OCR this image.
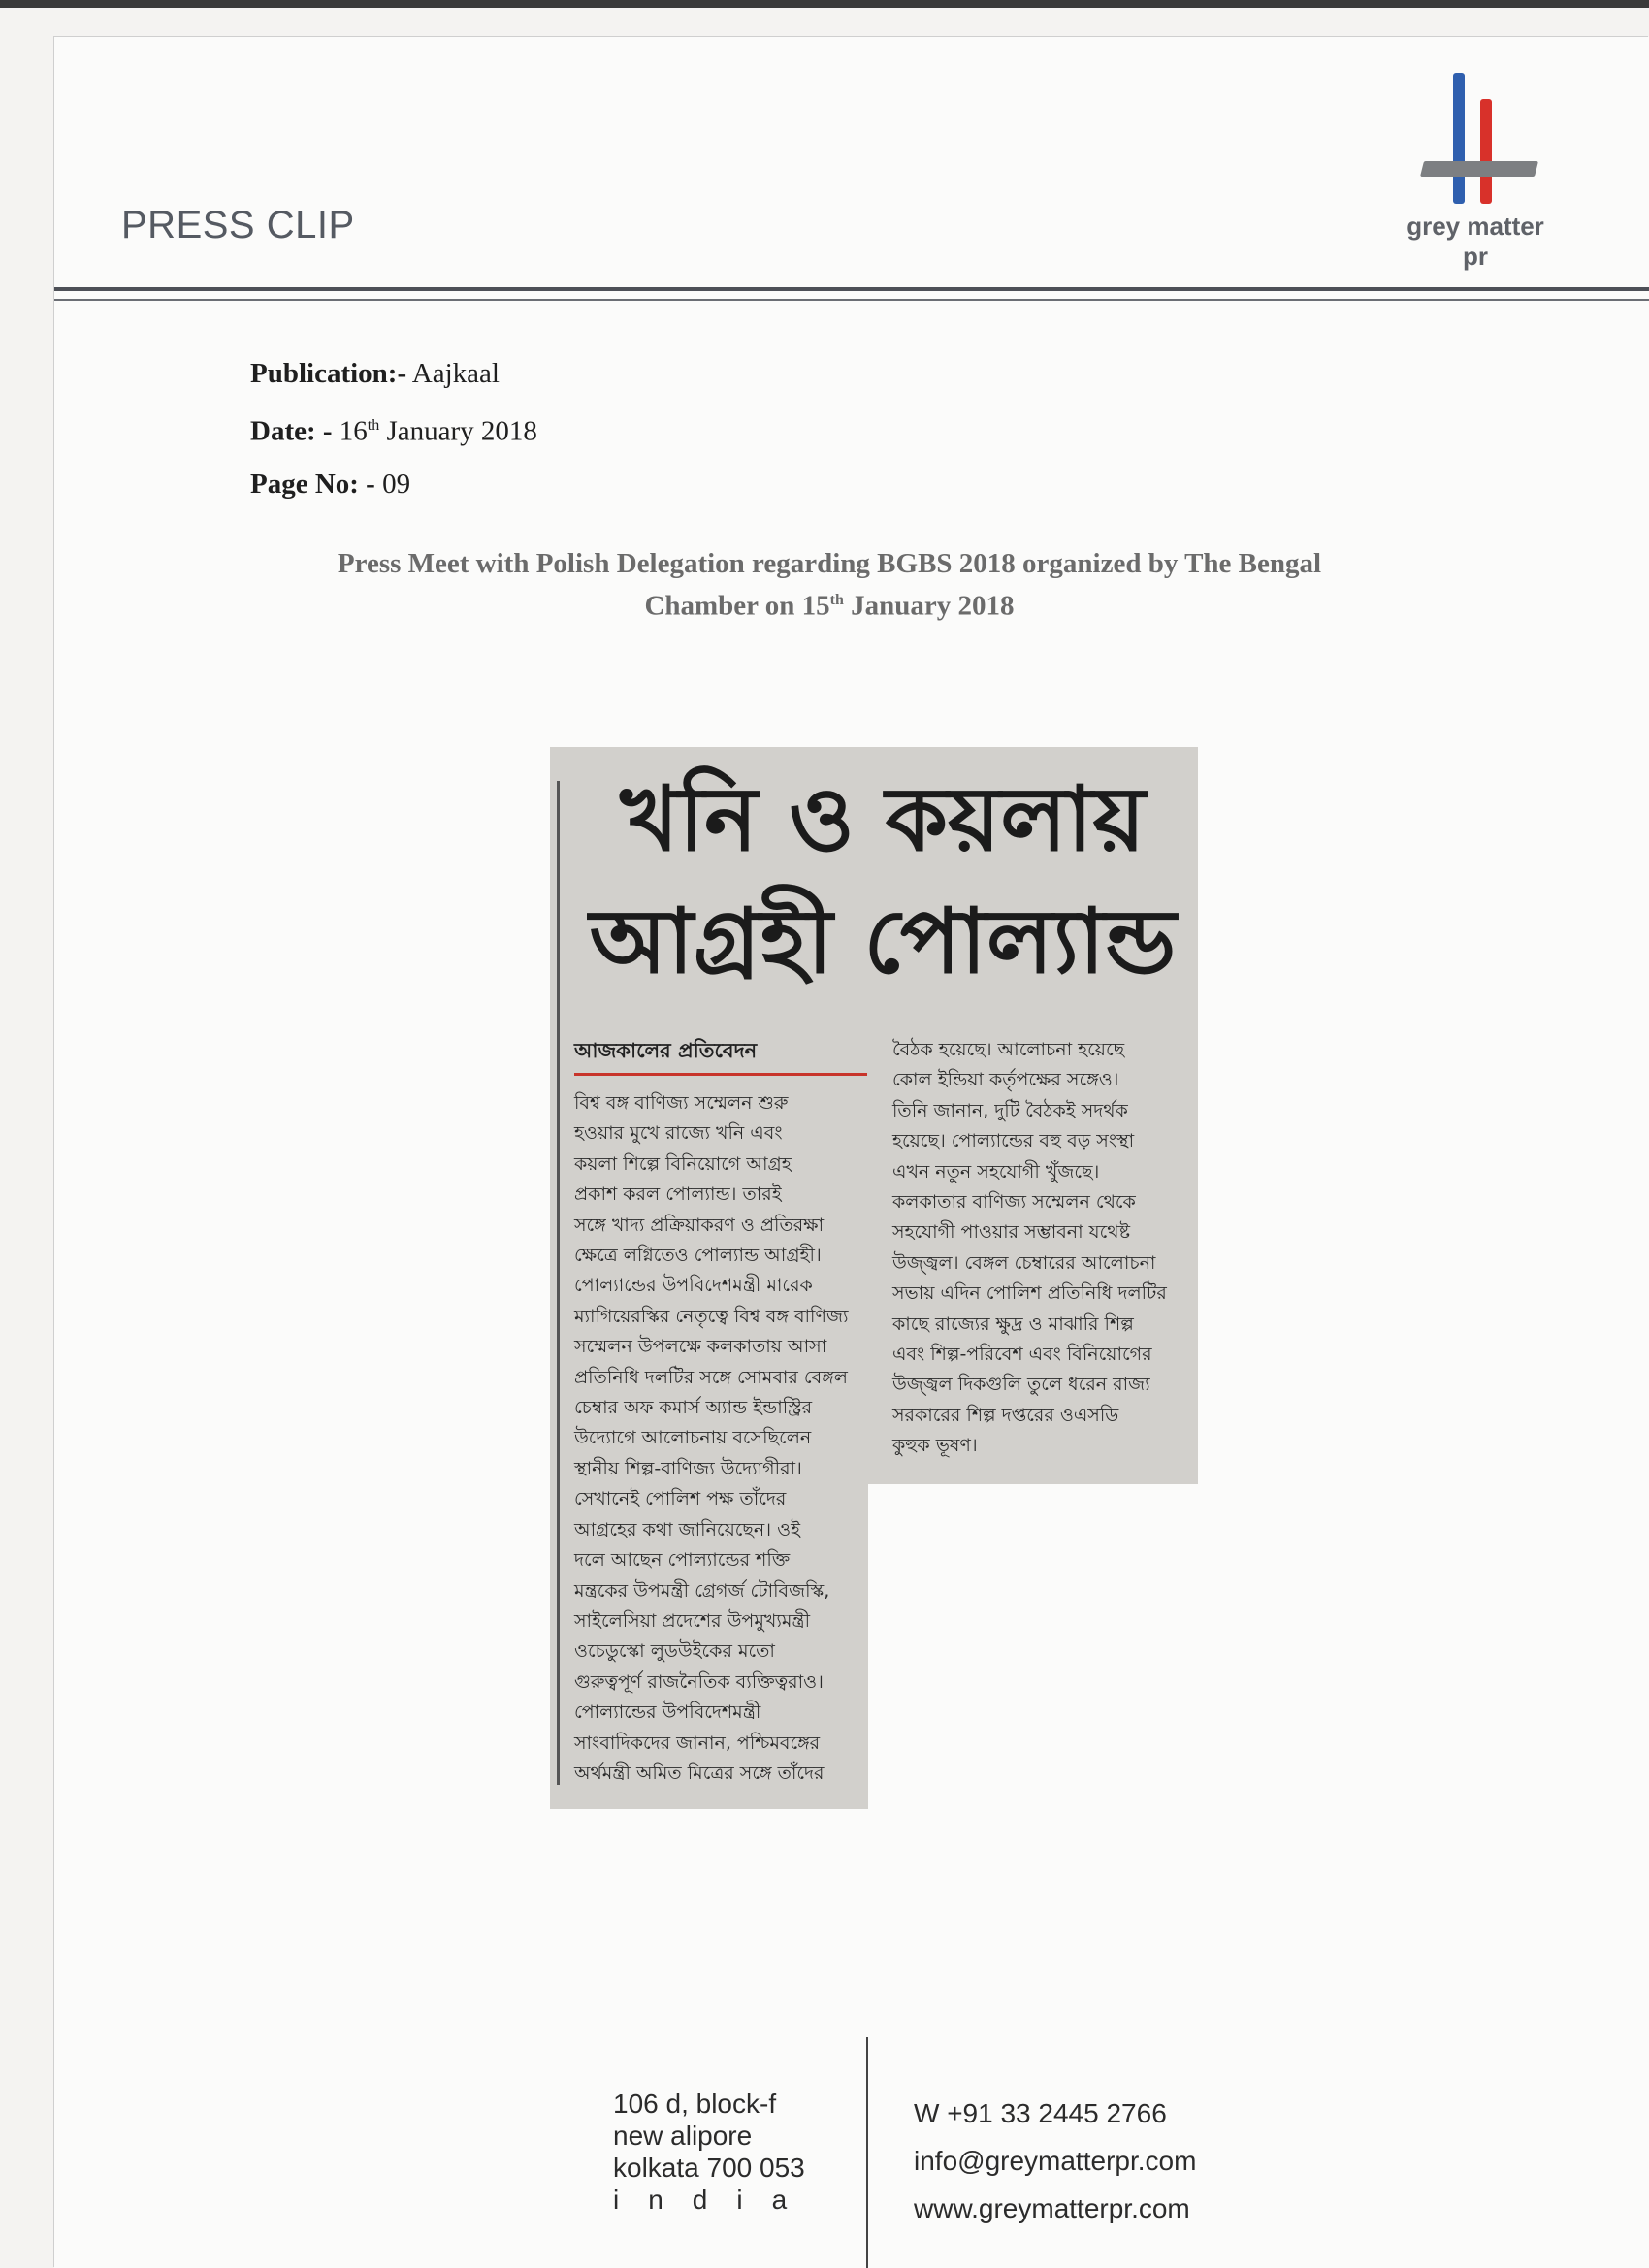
PRESS CLIP	grey matter pr
Publication:- Aajkaal
Date: - 16th January 2018
Page No: - 09
Press Meet with Polish Delegation regarding BGBS 2018 organized by The Bengal
Chamber on 15th January 2018
খনি ও কয়লায়
আগ্রহী পোল্যান্ড
আজকালের প্রতিবেদন
বিশ্ব বঙ্গ বাণিজ্য সম্মেলন শুরু
হওয়ার মুখে রাজ্যে খনি এবং
কয়লা শিল্পে বিনিয়োগে আগ্রহ
প্রকাশ করল পোল্যান্ড। তারই
সঙ্গে খাদ্য প্রক্রিয়াকরণ ও প্রতিরক্ষা
ক্ষেত্রে লগ্নিতেও পোল্যান্ড আগ্রহী।
পোল্যান্ডের উপবিদেশমন্ত্রী মারেক
ম্যাগিয়েরস্কির নেতৃত্বে বিশ্ব বঙ্গ বাণিজ্য
সম্মেলন উপলক্ষে কলকাতায় আসা
প্রতিনিধি দলটির সঙ্গে সোমবার বেঙ্গল
চেম্বার অফ কমার্স অ্যান্ড ইন্ডাস্ট্রির
উদ্যোগে আলোচনায় বসেছিলেন
স্থানীয় শিল্প-বাণিজ্য উদ্যোগীরা।
সেখানেই পোলিশ পক্ষ তাঁদের
আগ্রহের কথা জানিয়েছেন। ওই
দলে আছেন পোল্যান্ডের শক্তি
মন্ত্রকের উপমন্ত্রী গ্রেগর্জ টোবিজস্কি,
সাইলেসিয়া প্রদেশের উপমুখ্যমন্ত্রী
ওচেডুস্কো লুডউইকের মতো
গুরুত্বপূর্ণ রাজনৈতিক ব্যক্তিত্বরাও।
পোল্যান্ডের উপবিদেশমন্ত্রী
সাংবাদিকদের জানান, পশ্চিমবঙ্গের
অর্থমন্ত্রী অমিত মিত্রের সঙ্গে তাঁদের
বৈঠক হয়েছে। আলোচনা হয়েছে
কোল ইন্ডিয়া কর্তৃপক্ষের সঙ্গেও।
তিনি জানান, দুটি বৈঠকই সদর্থক
হয়েছে। পোল্যান্ডের বহু বড় সংস্থা
এখন নতুন সহযোগী খুঁজছে।
কলকাতার বাণিজ্য সম্মেলন থেকে
সহযোগী পাওয়ার সম্ভাবনা যথেষ্ট
উজ্জ্বল। বেঙ্গল চেম্বারের আলোচনা
সভায় এদিন পোলিশ প্রতিনিধি দলটির
কাছে রাজ্যের ক্ষুদ্র ও মাঝারি শিল্প
এবং শিল্প-পরিবেশ এবং বিনিয়োগের
উজ্জ্বল দিকগুলি তুলে ধরেন রাজ্য
সরকারের শিল্প দপ্তরের ওএসডি
কুহুক ভূষণ।
106 d, block-f
new alipore
kolkata 700 053
india
W +91 33 2445 2766
info@greymatterpr.com
www.greymatterpr.com
